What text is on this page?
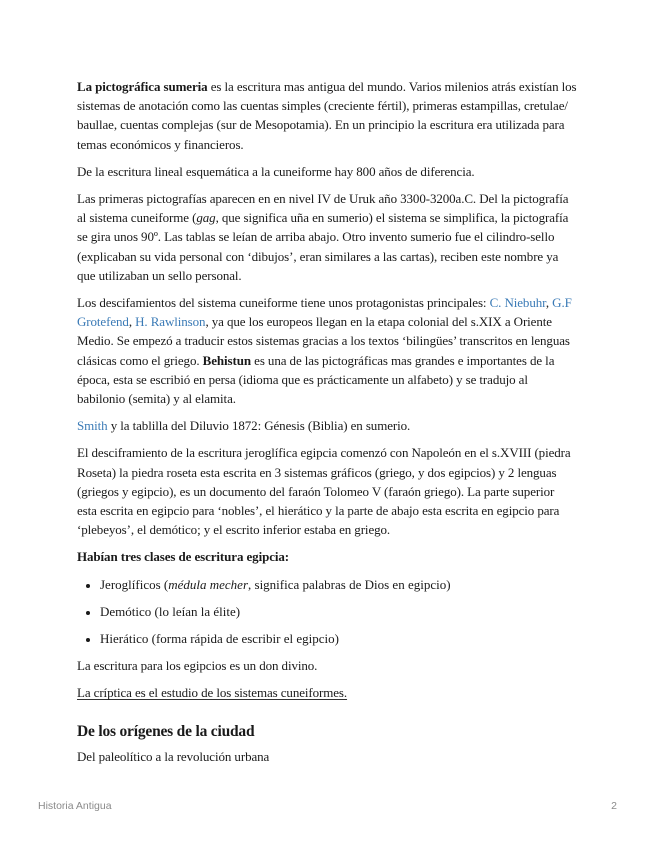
La pictográfica sumeria es la escritura mas antigua del mundo. Varios milenios atrás existían los sistemas de anotación como las cuentas simples (creciente fértil), primeras estampillas, cretulae/ baullae, cuentas complejas (sur de Mesopotamia). En un principio la escritura era utilizada para temas económicos y financieros.

De la escritura lineal esquemática a la cuneiforme hay 800 años de diferencia.

Las primeras pictografías aparecen en en nivel IV de Uruk año 3300-3200a.C. Del la pictografía al sistema cuneiforme (gag, que significa uña en sumerio) el sistema se simplifica, la pictografía se gira unos 90º. Las tablas se leían de arriba abajo. Otro invento sumerio fue el cilindro-sello (explicaban su vida personal con ‘dibujos’, eran similares a las cartas), reciben este nombre ya que utilizaban un sello personal.

Los descifamientos del sistema cuneiforme tiene unos protagonistas principales: C. Niebuhr, G.F Grotefend, H. Rawlinson, ya que los europeos llegan en la etapa colonial del s.XIX a Oriente Medio. Se empezó a traducir estos sistemas gracias a los textos ‘bilingües’ transcritos en lenguas clásicas como el griego. Behistun es una de las pictográficas mas grandes e importantes de la época, esta se escribió en persa (idioma que es prácticamente un alfabeto) y se tradujo al babilonio (semita) y al elamita.

Smith y la tablilla del Diluvio 1872: Génesis (Biblia) en sumerio.

El desciframiento de la escritura jeroglífica egipcia comenzó con Napoleón en el s.XVIII (piedra Roseta) la piedra roseta esta escrita en 3 sistemas gráficos (griego, y dos egipcios) y 2 lenguas (griegos y egipcio), es un documento del faraón Tolomeo V (faraón griego). La parte superior esta escrita en egipcio para ‘nobles’, el hierático y la parte de abajo esta escrita en egipcio para ‘plebeyos’, el demótico; y el escrito inferior estaba en griego.

Habían tres clases de escritura egipcia:

• Jeroglíficos (médula mecher, significa palabras de Dios en egipcio)
• Demótico (lo leían la élite)
• Hierático (forma rápida de escribir el egipcio)

La escritura para los egipcios es un don divino.

La críptica es el estudio de los sistemas cuneiformes.

De los orígenes de la ciudad

Del paleolítico a la revolución urbana

Historia Antigua	2
